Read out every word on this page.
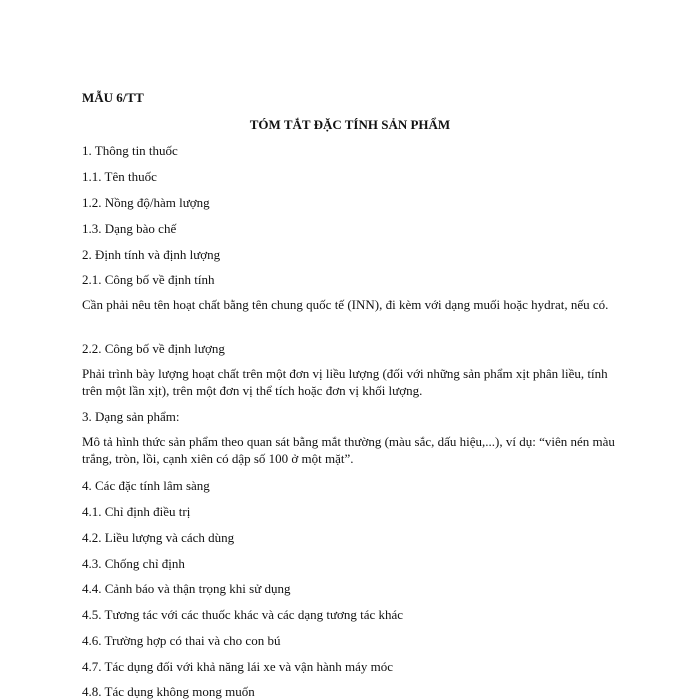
MẪU 6/TT
TÓM TẮT ĐẶC TÍNH SẢN PHẨM
1. Thông tin thuốc
1.1. Tên thuốc
1.2. Nồng độ/hàm lượng
1.3. Dạng bào chế
2. Định tính và định lượng
2.1. Công bố về định tính
Cần phải nêu tên hoạt chất bằng tên chung quốc tế (INN), đi kèm với dạng muối hoặc hydrat, nếu có.
2.2. Công bố về định lượng
Phải trình bày lượng hoạt chất trên một đơn vị liều lượng (đối với những sản phẩm xịt phân liều, tính trên một lần xịt), trên một đơn vị thể tích hoặc đơn vị khối lượng.
3. Dạng sản phẩm:
Mô tả hình thức sản phẩm theo quan sát bằng mắt thường (màu sắc, dấu hiệu,...), ví dụ: “viên nén màu trắng, tròn, lồi, cạnh xiên có dập số 100 ở một mặt”.
4. Các đặc tính lâm sàng
4.1. Chỉ định điều trị
4.2. Liều lượng và cách dùng
4.3. Chống chỉ định
4.4. Cảnh báo và thận trọng khi sử dụng
4.5. Tương tác với các thuốc khác và các dạng tương tác khác
4.6. Trường hợp có thai và cho con bú
4.7. Tác dụng đối với khả năng lái xe và vận hành máy móc
4.8. Tác dụng không mong muốn
